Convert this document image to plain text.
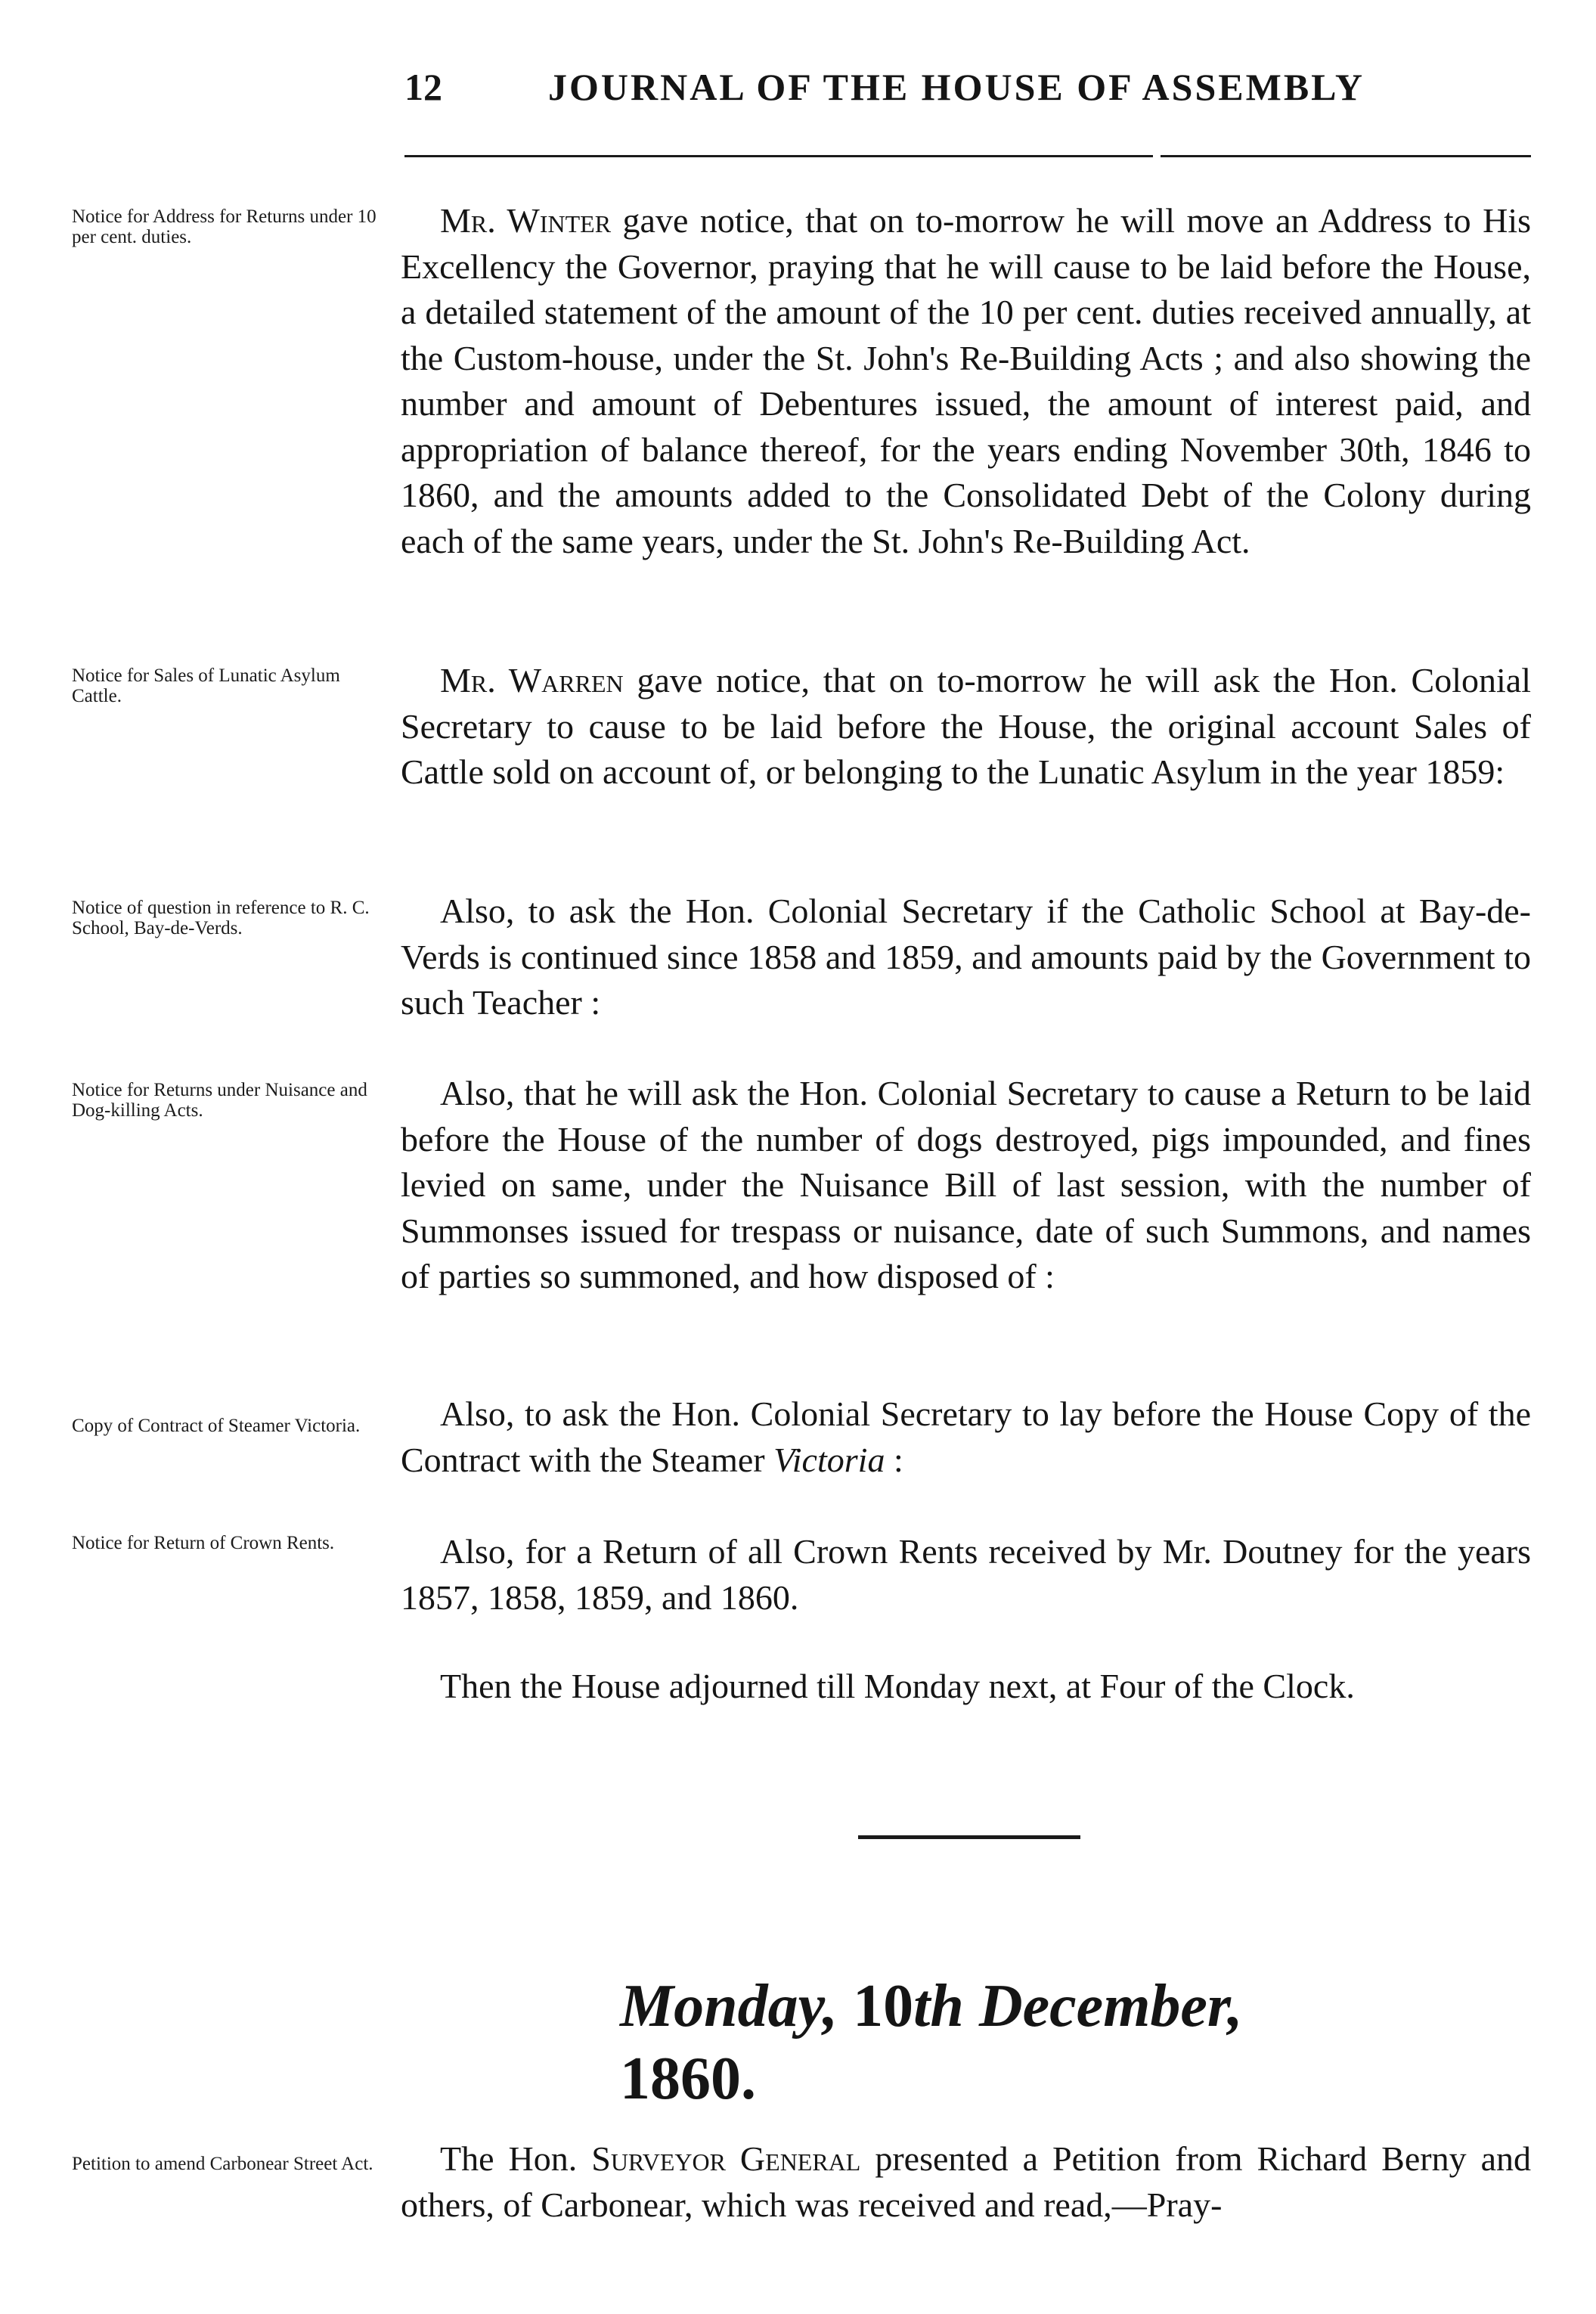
12	JOURNAL OF THE HOUSE OF ASSEMBLY
Notice for Address for Returns under 10 per cent. duties.	Mr. Winter gave notice, that on to-morrow he will move an Address to His Excellency the Governor, praying that he will cause to be laid before the House, a detailed statement of the amount of the 10 per cent. duties received annually, at the Custom-house, under the St. John's Re-Building Acts ; and also showing the number and amount of Debentures issued, the amount of interest paid, and appropriation of balance thereof, for the years ending November 30th, 1846 to 1860, and the amounts added to the Consolidated Debt of the Colony during each of the same years, under the St. John's Re-Building Act.

Notice for Sales of Lunatic Asylum Cattle.	Mr. Warren gave notice, that on to-morrow he will ask the Hon. Colonial Secretary to cause to be laid before the House, the original account Sales of Cattle sold on account of, or belonging to the Lunatic Asylum in the year 1859:

Notice of question in reference to R. C. School, Bay-de-Verds.	Also, to ask the Hon. Colonial Secretary if the Catholic School at Bay-de-Verds is continued since 1858 and 1859, and amounts paid by the Government to such Teacher :

Notice for Returns under Nuisance and Dog-killing Acts.	Also, that he will ask the Hon. Colonial Secretary to cause a Return to be laid before the House of the number of dogs destroyed, pigs impounded, and fines levied on same, under the Nuisance Bill of last session, with the number of Summonses issued for trespass or nuisance, date of such Summons, and names of parties so summoned, and how disposed of :

Copy of Contract of Steamer Victoria.	Also, to ask the Hon. Colonial Secretary to lay before the House Copy of the Contract with the Steamer Victoria :

Notice for Return of Crown Rents.	Also, for a Return of all Crown Rents received by Mr. Doutney for the years 1857, 1858, 1859, and 1860.

Then the House adjourned till Monday next, at Four of the Clock.

Monday, 10th December, 1860.
Petition to amend Carbonear Street Act.	The Hon. Surveyor General presented a Petition from Richard Berny and others, of Carbonear, which was received and read,—Pray-
